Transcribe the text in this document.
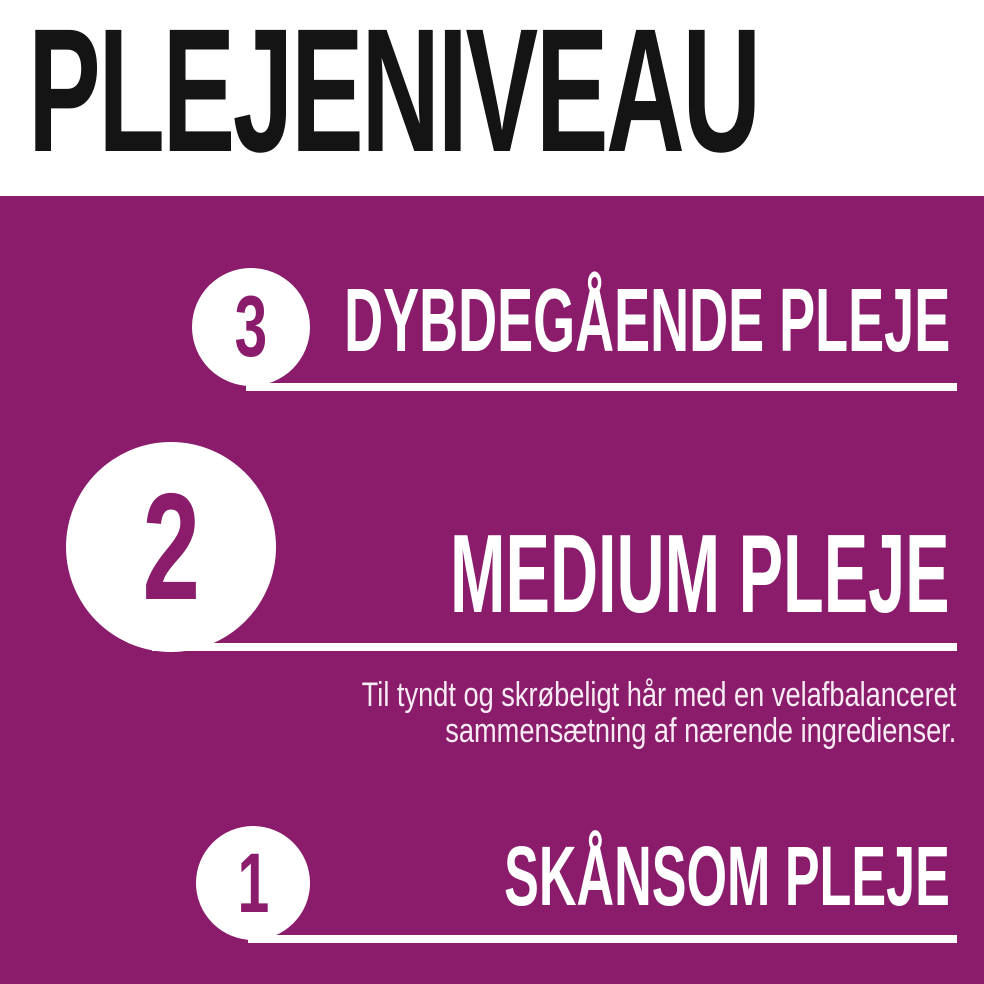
PLEJENIVEAU
3 DYBDEGÅENDE PLEJE
2 MEDIUM PLEJE

Til tyndt og skrøbeligt hår med en velafbalanceret
sammensætning af nærende ingredienser.

1	SKÅNSOM PLEJE
